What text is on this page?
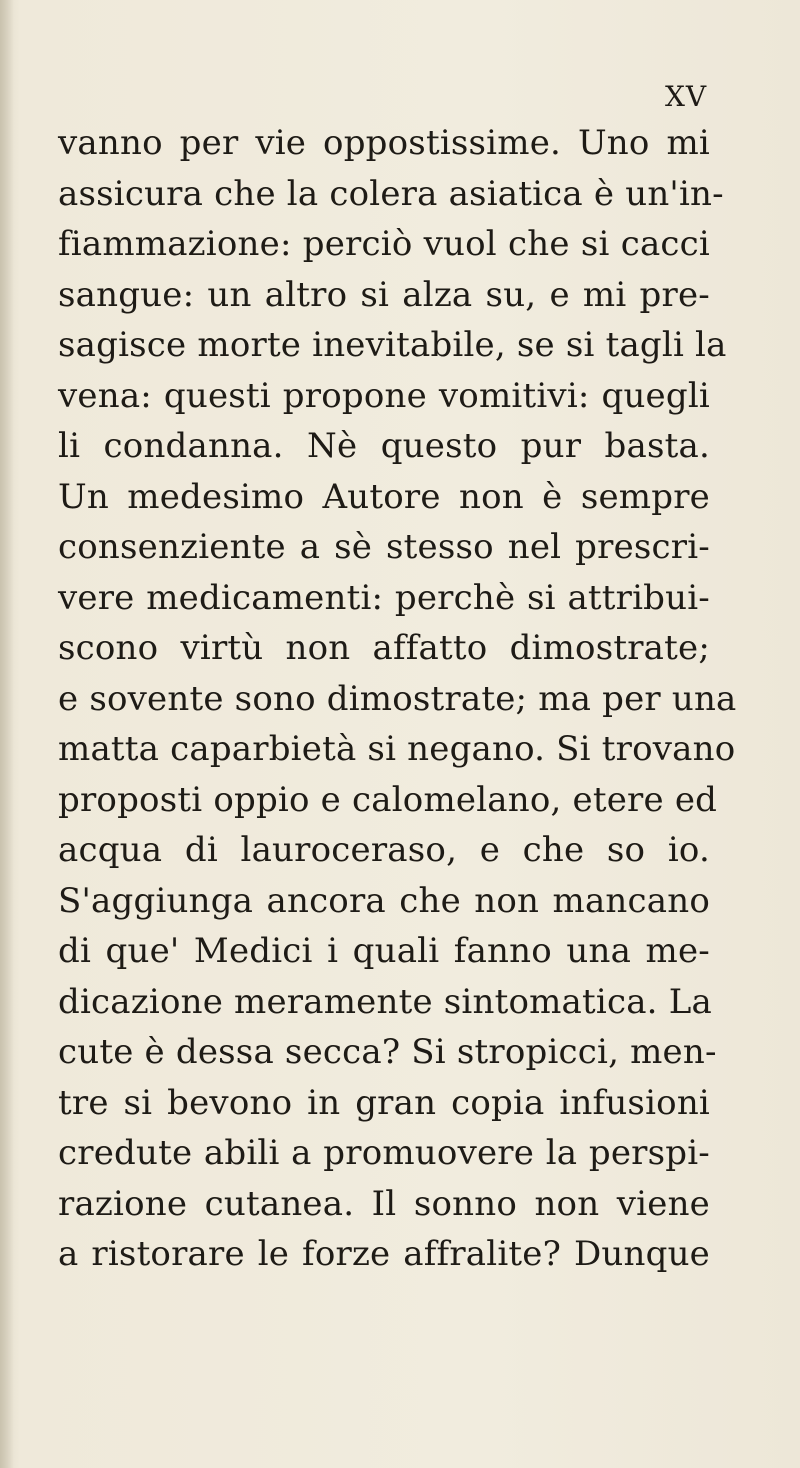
XV
vanno per vie oppostissime. Uno mi
assicura che la colera asiatica è un'in-
fiammazione: perciò vuol che si cacci
sangue: un altro si alza su, e mi pre-
sagisce morte inevitabile, se si tagli la
vena: questi propone vomitivi: quegli
li condanna. Nè questo pur basta.
Un medesimo Autore non è sempre
consenziente a sè stesso nel prescri-
vere medicamenti: perchè si attribui-
scono virtù non affatto dimostrate;
e sovente sono dimostrate; ma per una
matta caparbietà si negano. Si trovano
proposti oppio e calomelano, etere ed
acqua di lauroceraso, e che so io.
S'aggiunga ancora che non mancano
di que' Medici i quali fanno una me-
dicazione meramente sintomatica. La
cute è dessa secca? Si stropicci, men-
tre si bevono in gran copia infusioni
credute abili a promuovere la perspi-
razione cutanea. Il sonno non viene
a ristorare le forze affralite? Dunque
